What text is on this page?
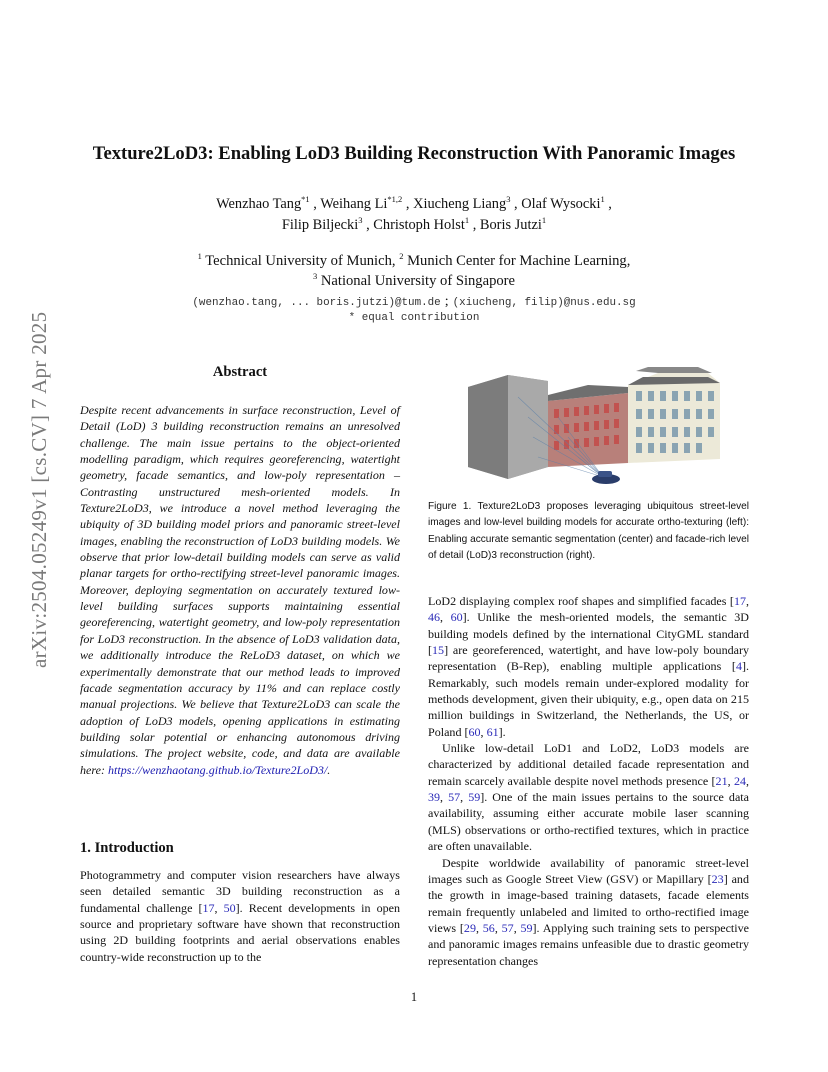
arXiv:2504.05249v1 [cs.CV] 7 Apr 2025
Texture2LoD3: Enabling LoD3 Building Reconstruction With Panoramic Images
Wenzhao Tang$^{*1}$ , Weihang Li$^{*1,2}$ , Xiucheng Liang$^3$ , Olaf Wysocki$^1$ ,
Filip Biljecki$^3$ , Christoph Holst$^1$ , Boris Jutzi$^1$
$^1$ Technical University of Munich, $^2$ Munich Center for Machine Learning,
$^3$ National University of Singapore
(wenzhao.tang, ... boris.jutzi)@tum.de ; (xiucheng, filip)@nus.edu.sg
* equal contribution
Abstract
Despite recent advancements in surface reconstruction, Level of Detail (LoD) 3 building reconstruction remains an unresolved challenge. The main issue pertains to the object-oriented modelling paradigm, which requires georeferencing, watertight geometry, facade semantics, and low-poly representation – Contrasting unstructured mesh-oriented models. In Texture2LoD3, we introduce a novel method leveraging the ubiquity of 3D building model priors and panoramic street-level images, enabling the reconstruction of LoD3 building models. We observe that prior low-detail building models can serve as valid planar targets for ortho-rectifying street-level panoramic images. Moreover, deploying segmentation on accurately textured low-level building surfaces supports maintaining essential georeferencing, watertight geometry, and low-poly representation for LoD3 reconstruction. In the absence of LoD3 validation data, we additionally introduce the ReLoD3 dataset, on which we experimentally demonstrate that our method leads to improved facade segmentation accuracy by 11% and can replace costly manual projections. We believe that Texture2LoD3 can scale the adoption of LoD3 models, opening applications in estimating building solar potential or enhancing autonomous driving simulations. The project website, code, and data are available here: https://wenzhaotang.github.io/Texture2LoD3/.
1. Introduction

Photogrammetry and computer vision researchers have always seen detailed semantic 3D building reconstruction as a fundamental challenge [17, 50]. Recent developments in open source and proprietary software have shown that reconstruction using 2D building footprints and aerial observations enables country-wide reconstruction up to the

Figure 1. Texture2LoD3 proposes leveraging ubiquitous street-level images and low-level building models for accurate ortho-texturing (left): Enabling accurate semantic segmentation (center) and facade-rich level of detail (LoD)3 reconstruction (right).

LoD2 displaying complex roof shapes and simplified facades [17, 46, 60]. Unlike the mesh-oriented models, the semantic 3D building models defined by the international CityGML standard [15] are georeferenced, watertight, and have low-poly boundary representation (B-Rep), enabling multiple applications [4]. Remarkably, such models remain under-explored modality for methods development, given their ubiquity, e.g., open data on 215 million buildings in Switzerland, the Netherlands, the US, or Poland [60, 61].

Unlike low-detail LoD1 and LoD2, LoD3 models are characterized by additional detailed facade representation and remain scarcely available despite novel methods presence [21, 24, 39, 57, 59]. One of the main issues pertains to the source data availability, assuming either accurate mobile laser scanning (MLS) observations or ortho-rectified textures, which in practice are often unavailable.

Despite worldwide availability of panoramic street-level images such as Google Street View (GSV) or Mapillary [23] and the growth in image-based training datasets, facade elements remain frequently unlabeled and limited to ortho-rectified image views [29, 56, 57, 59]. Applying such training sets to perspective and panoramic images remains unfeasible due to drastic geometry representation changes

1
